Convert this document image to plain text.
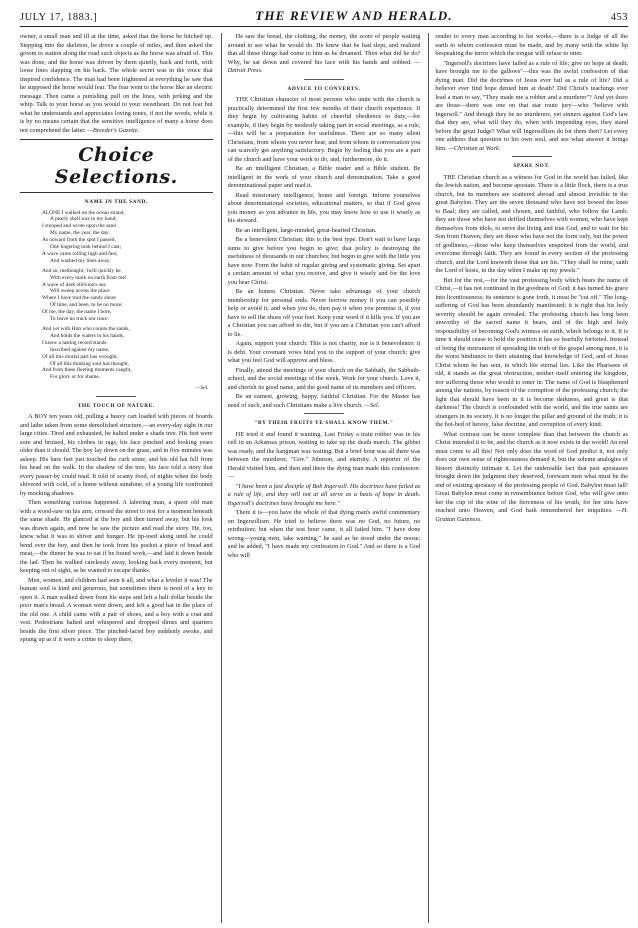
JULY 17, 1883.]	THE REVIEW AND HERALD.	453

owner, a small man and ill at the time, asked that the horse be hitched up. Stepping into the skeleton, he drove a couple of miles, and then asked the groom to station along the road such objects as the horse was afraid of. This was done, and the horse was driven by them quietly, back and forth, with loose lines slapping on his back. The whole secret was in the voice that inspired confidence. The man had been frightened at everything he saw that he supposed the horse would fear. The fear went to the horse like an electric message. Then came a punishing pull on the lines, with jerking and the whip. Talk to your horse as you would to your sweetheart. Do not fear but what he understands and appreciates loving tones, if not the words, while it is by no means certain that the sensitive intelligence of many a horse does not comprehend the latter. —Breeder's Gazette.

Choice Selections.
NAME IN THE SAND.
ALONE I walked on the ocean strand,
A pearly shell was in my hand;
I stooped and wrote upon the sand
My name, the year, the day.
As onward from the spot I passed,
One lingering look behind I cast;
A wave came rolling high and fast,
And washed my lines away.
And so, methought, 'twill quickly be
With every mark on earth from me!
A wave of dark oblivion's sea
Will sweep across the place
Where I have trod the sandy shore
Of time, and been, to be no more;
Of me, the day, the name I bore,
To leave no track nor trace.
And yet with Him who counts the sands,
And holds the waters in his hands,
I know a lasting record stands
Inscribed against my name,
Of all this mortal part has wrought,
Of all this thinking soul has thought,
And from these fleeting moments caught,
For glory or for shame.
—Sel.
THE TOUCH OF NATURE.

A BOY ten years old, pulling a heavy cart loaded with pieces of boards and lathe taken from some demolished structure,—an every-day sight in our large cities. Tired and exhausted, he halted under a shade tree. His feet were sore and bruised, his clothes in rags, his face pinched and looking years older than it should. The boy lay down on the grass, and in five minutes was asleep. His bare feet just touched the curb stone, and his old hat fell from his head on the walk. In the shadow of the tree, his face told a story that every passer-by could read. It told of scanty food, of nights when the body shivered with cold, of a home without sunshine, of a young life confronted by mocking shadows.

Then something curious happened. A laboring man, a queer old man with a wood-saw on his arm, crossed the street to rest for a moment beneath the same shade. He glanced at the boy and then turned away, but his look was drawn again, and now he saw the picture and read the story. He, too, knew what it was to shiver and hunger. He tip-toed along until he could bend over the boy, and then he took from his pocket a piece of bread and meat,—the dinner he was to eat if he found work,—and laid it down beside the lad. Then he walked carelessly away, looking back every moment, but keeping out of sight, as he wanted to escape thanks.

Men, women, and children had seen it all, and what a leveler it was! The human soul is kind and generous, but sometimes there is need of a key to open it. A man walked down from his steps and left a half dollar beside the poor man's bread. A woman went down, and left a good hat in the place of the old one. A child came with a pair of shoes, and a boy with a coat and vest. Pedestrians halted and whispered and dropped dimes and quarters beside the first silver piece. The pinched-faced boy suddenly awoke, and sprang up as if it were a crime to sleep there,

He saw the bread, the clothing, the money, the score of people waiting around to see what he would do. He knew that he had slept, and realized that all these things had come to him as he dreamed. Then what did he do? Why, he sat down and covered his face with his hands and sobbed. —Detroit Press.

ADVICE TO CONVERTS.

THE Christian character of most persons who unite with the church is practically determined the first few months of their church experience. If they begin by cultivating habits of cheerful obedience to duty,—for example, if they begin by modestly taking part in social meetings, as a rule,—this will be a preparation for usefulness. There are so many silent Christians, from whom you never hear, and from whom in conversation you can scarcely get anything satisfactory. Begin by feeling that you are a part of the church and have your work to do, and, furthermore, do it.

Be an intelligent Christian, a Bible reader and a Bible student. Be intelligent in the work of your church and denomination. Take a good denominational paper and read it.

Read missionary intelligence, home and foreign. Inform yourselves about denominational societies, educational matters, so that if God gives you money as you advance in life, you may know how to use it wisely as his steward.

Be an intelligent, large-minded, great-hearted Christian.

Be a benevolent Christian; this is the best type. Don't wait to have large sums to give before you begin to give; that policy is destroying the usefulness of thousands in our churches; but begin to give with the little you have now. Form the habit of regular giving and systematic giving. Set apart a certain amount of what you receive, and give it wisely and for the love you bear Christ.

Be an honest Christian. Never take advantage of your church membership for personal ends. Never borrow money if you can possibly help or avoid it; and when you do, then pay it when you promise it, if you have to sell the shoes off your feet. Keep your word if it kills you. If you are a Christian you can afford to die, but if you are a Christian you can't afford to lie.

Again, support your church. This is not charity, nor is it benevolence; it is debt. Your covenant vows bind you to the support of your church; give what you feel God will approve and bless.

Finally, attend the meetings of your church on the Sabbath, the Sabbath-school, and the social meetings of the week. Work for your church. Love it, and cherish its good name, and the good name of its members and officers.

Be an earnest, growing, happy, faithful Christian. For the Master has need of such, and such Christians make a live church. —Sel.

"BY THEIR FRUITS YE SHALL KNOW THEM."

HE tried it and found it wanting. Last Friday a train robber was in his cell in an Arkansas prison, waiting to take up the death march. The gibbet was ready, and the hangman was waiting. But a brief hour was all there was between the murderer, "Gov." Johnson, and eternity. A reporter of the Herald visited him, and then and there the dying man made this confession:—

"I have been a fast disciple of Bob Ingersoll. His doctrines have failed as a rule of life, and they will not at all serve as a basis of hope in death. Ingersoll's doctrines have brought me here."

There it is—you have the whole of that dying man's awful commentary on Ingersollism. He tried to believe there was no God, no future, no retribution; but when the test hour came, it all failed him. "I have done wrong—young men, take warning," he said as he stood under the noose; and he added, "I have made my confession to God." And so there is a God who will

render to every man according to his works,—there is a Judge of all the earth to whom confession must be made, and by many with the white lip bespeaking the terror which the tongue will refuse to utter.

"Ingersoll's doctrines have failed as a rule of life; give no hope at death; have brought me to the gallows"—this was the awful confession of that dying man. Did the doctrines of Jesus ever fail as a rule of life? Did a believer ever find hope denied him at death? Did Christ's teachings ever lead a man to say, "They made me a robber and a murderer"? And yet there are those—there was one on that star route jury—who "believe with Ingersoll." And though they be no murderers, yet sinners against God's law that they are, what will they do, when with impending eyes, they stand before the great Judge? What will Ingersollism do for them then? Let every one address that question to his own soul, and see what answer it brings him. —Christian at Work.

SPARE NOT.

THE Christian church as a witness for God in the world has failed, like the Jewish nation, and become apostate. There is a little flock, there is a true church, but its members are scattered abroad and almost invisible in the great Babylon. They are the seven thousand who have not bowed the knee to Baal; they are called, and chosen, and faithful, who follow the Lamb; they are those who have not defiled themselves with women, who have kept themselves from idols, to serve the living and true God, and to wait for his Son from Heaven; they are those who have not the form only, but the power of godliness,—those who keep themselves unspotted from the world, and overcome through faith. They are found in every section of the professing church, and the Lord knoweth those that are his. "They shall be mine, saith the Lord of hosts, in the day when I make up my jewels."

But for the rest,—for the vast professing body which bears the name of Christ,—it has not continued in the goodness of God; it has turned his grace into licentiousness; its sentence is gone forth, it must be "cut off." The long-suffering of God has been abundantly manifested; it is right that his holy severity should be again revealed. The professing church has long been unworthy of the sacred name it bears, and of the high and holy responsibility of becoming God's witness on earth, which belongs to it. It is time it should cease to hold the position it has so fearfully forfeited. Instead of being the instrument of spreading the truth of the gospel among men, it is the worst hindrance to their attaining that knowledge of God, and of Jesus Christ whom he has sent, in which life eternal lies. Like the Pharisees of old, it stands as the great obstruction, neither itself entering the kingdom, nor suffering those who would to enter in. The name of God is blasphemed among the nations, by reason of the corruption of the professing church; the light that should have been in it is become darkness, and great is that darkness! The church is confounded with the world, and the true saints are strangers in its society. It is no longer the pillar and ground of the truth; it is the hot-bed of heresy, false doctrine, and corruption of every kind.

What contrast can be more complete than that between the church as Christ intended it to be, and the church as it now exists in the world! An end must come to all this! Not only does the word of God predict it, not only does our own sense of righteousness demand it, but the solemn analogies of history distinctly intimate it. Let the undeniable fact that past apostasies brought down the judgment they deserved, forewarn men what must be the end of existing apostasy of the professing people of God. Babylon must fall! Great Babylon must come in remembrance before God, who will give unto her the cup of the wine of the fierceness of his wrath, for her sins have reached unto Heaven, and God hath remembered her iniquities. —H. Grattan Guinness.
